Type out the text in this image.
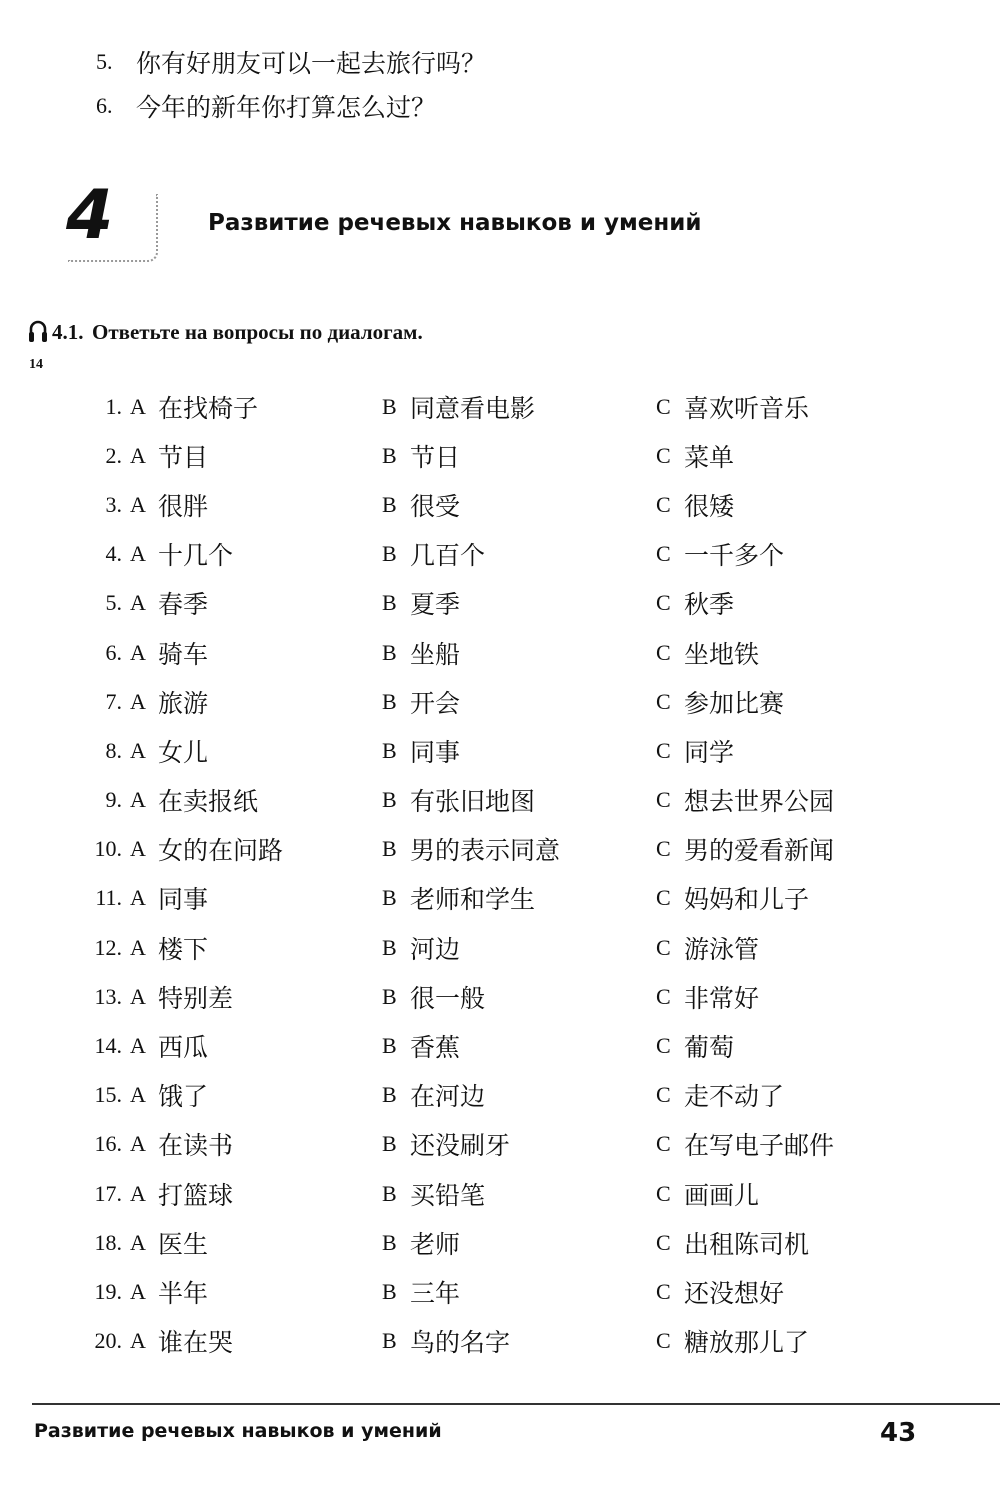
5. 你有好朋友可以一起去旅行吗？
6. 今年的新年你打算怎么过？
4	Развитие речевых навыков и умений
14
4.1. Ответьте на вопросы по диалогам.
1. A 在找椅子	B 同意看电影	C 喜欢听音乐
2. A 节目	B 节日	C 菜单
3. A 很胖	B 很受	C 很矮
4. A 十几个	B 几百个	C 一千多个
5. A 春季	B 夏季	C 秋季
6. A 骑车	B 坐船	C 坐地铁
7. A 旅游	B 开会	C 参加比赛
8. A 女儿	B 同事	C 同学
9. A 在卖报纸	B 有张旧地图	C 想去世界公园
10. A 女的在问路	B 男的表示同意	C 男的爱看新闻
11. A 同事	B 老师和学生	C 妈妈和儿子
12. A 楼下	B 河边	C 游泳管
13. A 特别差	B 很一般	C 非常好
14. A 西瓜	B 香蕉	C 葡萄
15. A 饿了	B 在河边	C 走不动了
16. A 在读书	B 还没刷牙	C 在写电子邮件
17. A 打篮球	B 买铅笔	C 画画儿
18. A 医生	B 老师	C 出租陈司机
19. A 半年	B 三年	C 还没想好
20. A 谁在哭	B 鸟的名字	C 糖放那儿了
Развитие речевых навыков и умений	43
